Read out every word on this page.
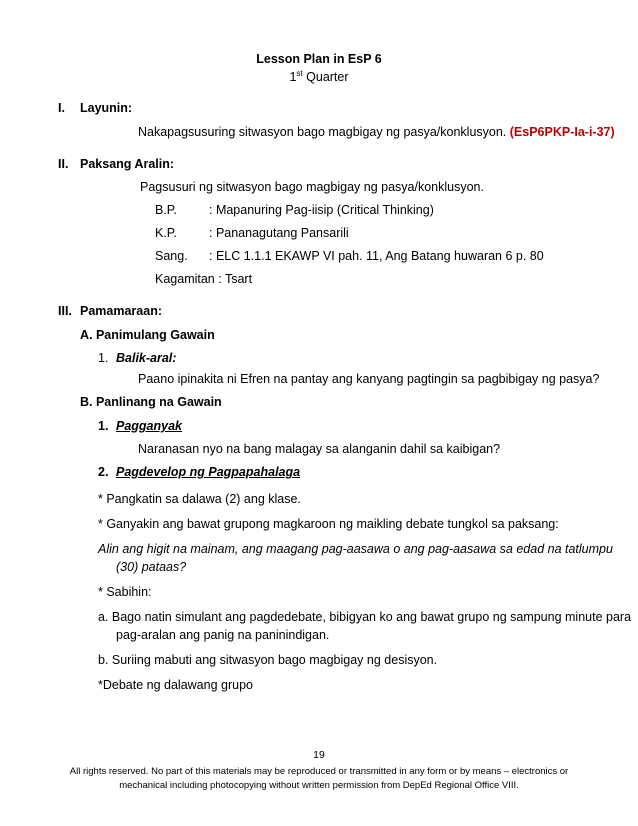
Lesson Plan in EsP 6
1st Quarter
I. Layunin:
Nakapagsusuring sitwasyon bago magbigay ng pasya/konklusyon. (EsP6PKP-Ia-i-37)
II. Paksang Aralin:
Pagsusuri ng sitwasyon bago magbigay ng pasya/konklusyon.
B.P.	: Mapanuring Pag-iisip (Critical Thinking)
K.P.	: Pananagutang Pansarili
Sang. : ELC 1.1.1 EKAWP VI pah. 11, Ang Batang huwaran 6 p. 80
Kagamitan : Tsart
III. Pamamaraan:
A. Panimulang Gawain
1. Balik-aral:
Paano ipinakita ni Efren na pantay ang kanyang pagtingin sa pagbibigay ng pasya?
B. Panlinang na Gawain
1. Pagganyak
Naranasan nyo na bang malagay sa alanganin dahil sa kaibigan?
2. Pagdevelop ng Pagpapahalaga
* Pangkatin sa dalawa (2) ang klase.
* Ganyakin ang bawat grupong magkaroon ng maikling debate tungkol sa paksang:
Alin ang higit na mainam, ang maagang pag-aasawa o ang pag-aasawa sa edad na tatlumpu
(30) pataas?
* Sabihin:
a. Bago natin simulant ang pagdedebate, bibigyan ko ang bawat grupo ng sampung minute para
pag-aralan ang panig na paninindigan.
b. Suriing mabuti ang sitwasyon bago magbigay ng desisyon.
*Debate ng dalawang grupo
19
All rights reserved. No part of this materials may be reproduced or transmitted in any form or by means – electronics or
mechanical including photocopying without written permission from DepEd Regional Office VIII.
